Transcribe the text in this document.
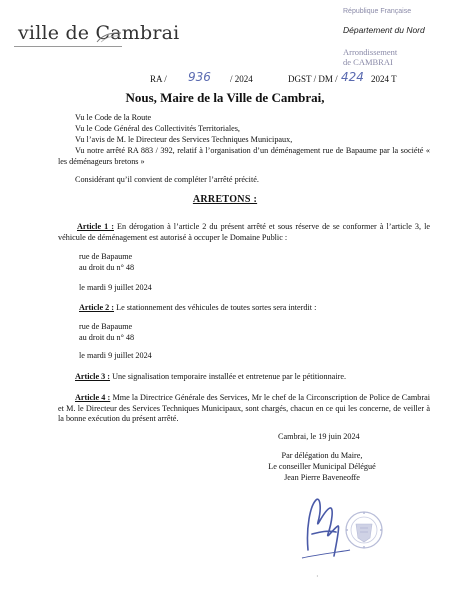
ville de Cambrai
République Française
Département du Nord
Arrondissement
de CAMBRAI
RA / 936 / 2024	DGST / DM / 424 2024 T
Nous, Maire de la Ville de Cambrai,
Vu le Code de la Route
Vu le Code Général des Collectivités Territoriales,
Vu l’avis de M. le Directeur des Services Techniques Municipaux,
Vu notre arrêté RA 883 / 392, relatif à l’organisation d’un déménagement rue de Bapaume par la société « les déménageurs bretons »
Considérant qu’il convient de compléter l’arrêté précité.
ARRETONS :
Article 1 : En dérogation à l’article 2 du présent arrêté et sous réserve de se conformer à l’article 3, le véhicule de déménagement est autorisé à occuper le Domaine Public :
rue de Bapaume
au droit du n° 48
le mardi 9 juillet 2024
Article 2 : Le stationnement des véhicules de toutes sortes sera interdit :
rue de Bapaume
au droit du n° 48
le mardi 9 juillet 2024
Article 3 : Une signalisation temporaire installée et entretenue par le pétitionnaire.
Article 4 : Mme la Directrice Générale des Services, Mr le chef de la Circonscription de Police de Cambrai et M. le Directeur des Services Techniques Municipaux, sont chargés, chacun en ce qui les concerne, de veiller à la bonne exécution du présent arrêté.
Cambrai, le 19 juin 2024
Par délégation du Maire,
Le conseiller Municipal Délégué
Jean Pierre Baveneoffe
·
